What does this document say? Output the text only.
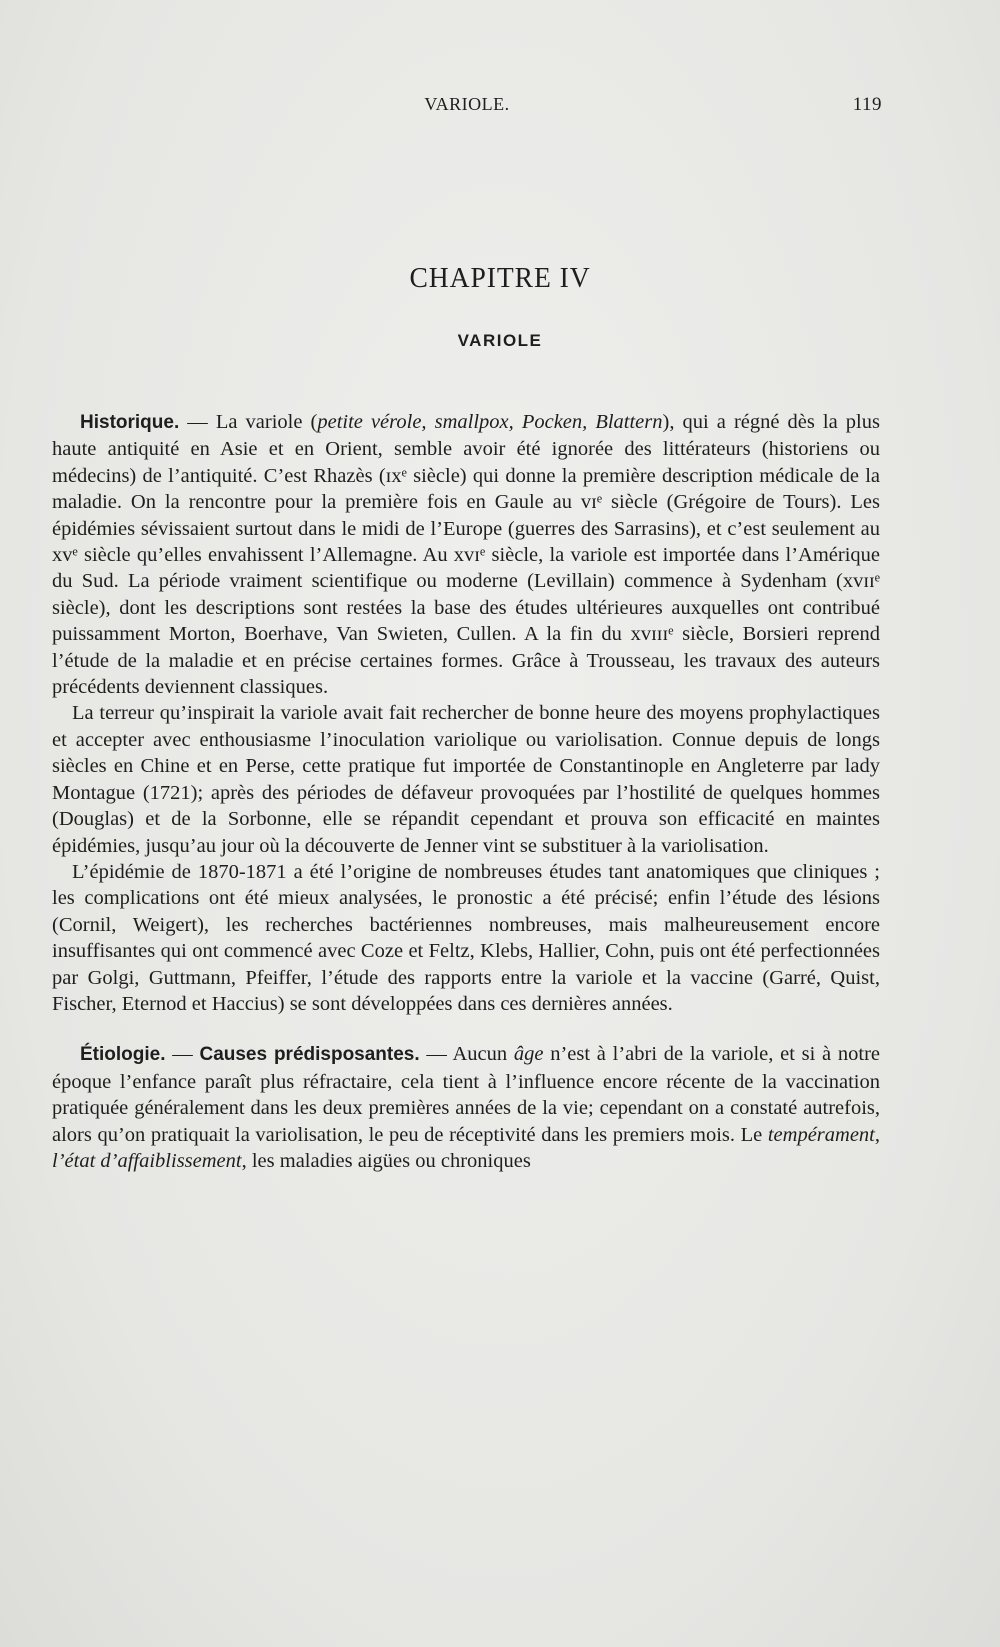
VARIOLE.	119
CHAPITRE IV
VARIOLE

Historique. — La variole (petite vérole, smallpox, Pocken, Blattern), qui a régné dès la plus haute antiquité en Asie et en Orient, semble avoir été ignorée des littérateurs (historiens ou médecins) de l’antiquité. C’est Rhazès (ɪxᵉ siècle) qui donne la première description médicale de la maladie. On la rencontre pour la première fois en Gaule au vɪᵉ siècle (Grégoire de Tours). Les épidémies sévissaient surtout dans le midi de l’Europe (guerres des Sarrasins), et c’est seulement au xvᵉ siècle qu’elles envahissent l’Allemagne. Au xvɪᵉ siècle, la variole est importée dans l’Amérique du Sud. La période vraiment scientifique ou moderne (Levillain) commence à Sydenham (xvɪɪᵉ siècle), dont les descriptions sont restées la base des études ultérieures auxquelles ont contribué puissamment Morton, Boerhave, Van Swieten, Cullen. A la fin du xvɪɪɪᵉ siècle, Borsieri reprend l’étude de la maladie et en précise certaines formes. Grâce à Trousseau, les travaux des auteurs précédents deviennent classiques.

La terreur qu’inspirait la variole avait fait rechercher de bonne heure des moyens prophylactiques et accepter avec enthousiasme l’inoculation variolique ou variolisation. Connue depuis de longs siècles en Chine et en Perse, cette pratique fut importée de Constantinople en Angleterre par lady Montague (1721); après des périodes de défaveur provoquées par l’hostilité de quelques hommes (Douglas) et de la Sorbonne, elle se répandit cependant et prouva son efficacité en maintes épidémies, jusqu’au jour où la découverte de Jenner vint se substituer à la variolisation.

L’épidémie de 1870-1871 a été l’origine de nombreuses études tant anatomiques que cliniques ; les complications ont été mieux analysées, le pronostic a été précisé; enfin l’étude des lésions (Cornil, Weigert), les recherches bactériennes nombreuses, mais malheureusement encore insuffisantes qui ont commencé avec Coze et Feltz, Klebs, Hallier, Cohn, puis ont été perfectionnées par Golgi, Guttmann, Pfeiffer, l’étude des rapports entre la variole et la vaccine (Garré, Quist, Fischer, Eternod et Haccius) se sont développées dans ces dernières années.

Étiologie. — Causes prédisposantes. — Aucun âge n’est à l’abri de la variole, et si à notre époque l’enfance paraît plus réfractaire, cela tient à l’influence encore récente de la vaccination pratiquée généralement dans les deux premières années de la vie; cependant on a constaté autrefois, alors qu’on pratiquait la variolisation, le peu de réceptivité dans les premiers mois. Le tempérament, l’état d’affaiblissement, les maladies aigües ou chroniques
